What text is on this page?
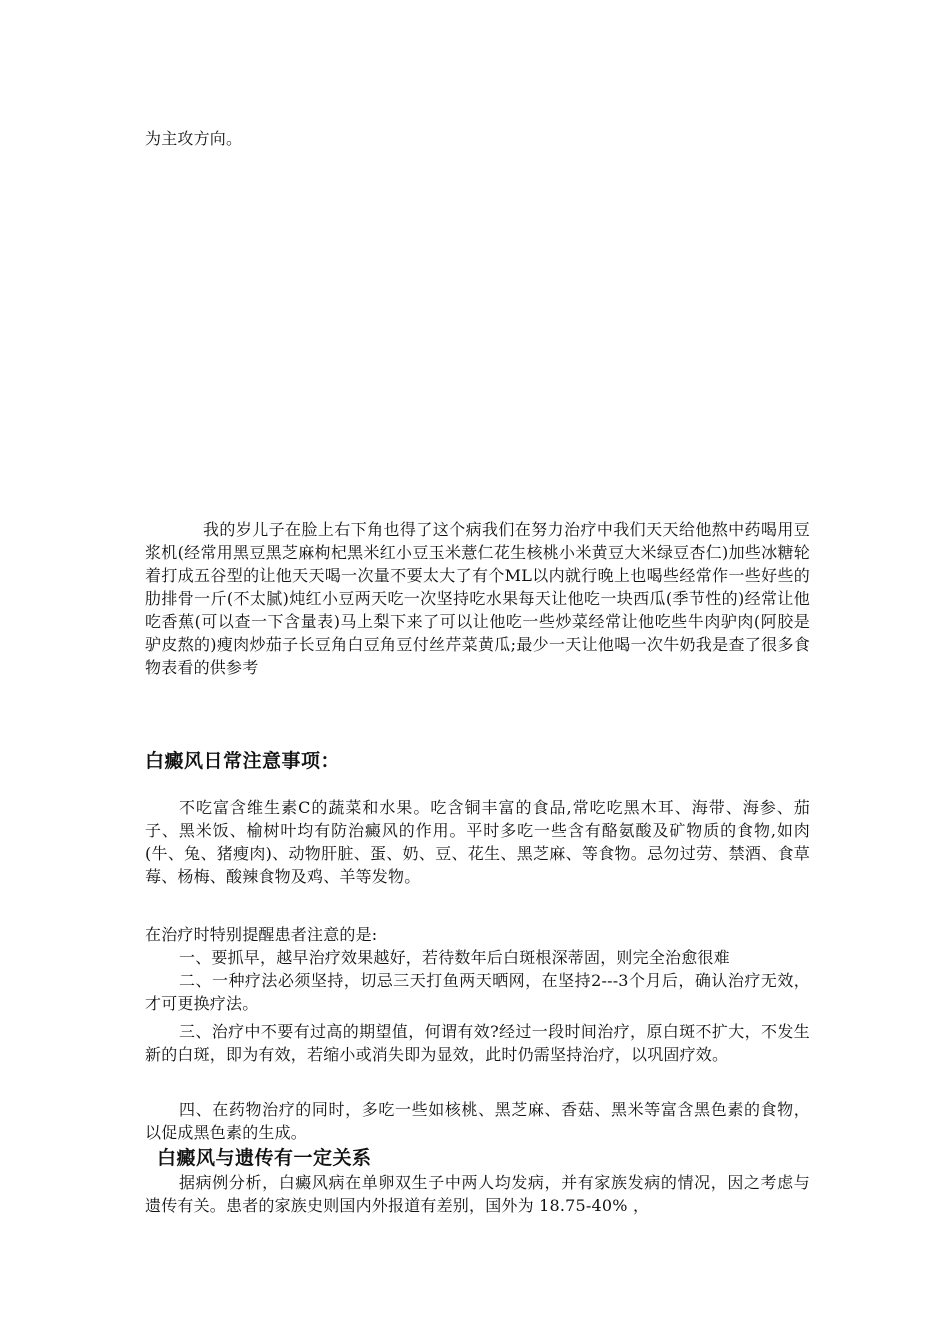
为主攻方向。

我的岁儿子在脸上右下角也得了这个病我们在努力治疗中我们天天给他熬中药喝用豆浆机(经常用黑豆黑芝麻枸杞黑米红小豆玉米薏仁花生核桃小米黄豆大米绿豆杏仁)加些冰糖轮着打成五谷型的让他天天喝一次量不要太大了有个ML以内就行晚上也喝些经常作一些好些的肋排骨一斤(不太腻)炖红小豆两天吃一次坚持吃水果每天让他吃一块西瓜(季节性的)经常让他吃香蕉(可以查一下含量表)马上梨下来了可以让他吃一些炒菜经常让他吃些牛肉驴肉(阿胶是驴皮熬的)瘦肉炒茄子长豆角白豆角豆付丝芹菜黄瓜;最少一天让他喝一次牛奶我是查了很多食物表看的供参考

白癜风日常注意事项：

不吃富含维生素C的蔬菜和水果。吃含铜丰富的食品,常吃吃黑木耳、海带、海参、茄子、黑米饭、榆树叶均有防治癜风的作用。平时多吃一些含有酪氨酸及矿物质的食物,如肉(牛、兔、猪瘦肉)、动物肝脏、蛋、奶、豆、花生、黑芝麻、等食物。忌勿过劳、禁酒、食草莓、杨梅、酸辣食物及鸡、羊等发物。

在治疗时特别提醒患者注意的是:

一、要抓早，越早治疗效果越好，若待数年后白斑根深蒂固，则完全治愈很难

二、一种疗法必须坚持，切忌三天打鱼两天晒网，在坚持2---3个月后，确认治疗无效，才可更换疗法。

三、治疗中不要有过高的期望值，何谓有效?经过一段时间治疗，原白斑不扩大，不发生新的白斑，即为有效，若缩小或消失即为显效，此时仍需坚持治疗，以巩固疗效。

四、在药物治疗的同时，多吃一些如核桃、黑芝麻、香菇、黑米等富含黑色素的食物，以促成黑色素的生成。

白癜风与遗传有一定关系

据病例分析，白癜风病在单卵双生子中两人均发病，并有家族发病的情况，因之考虑与遗传有关。患者的家族史则国内外报道有差别，国外为 18.75-40% ，
